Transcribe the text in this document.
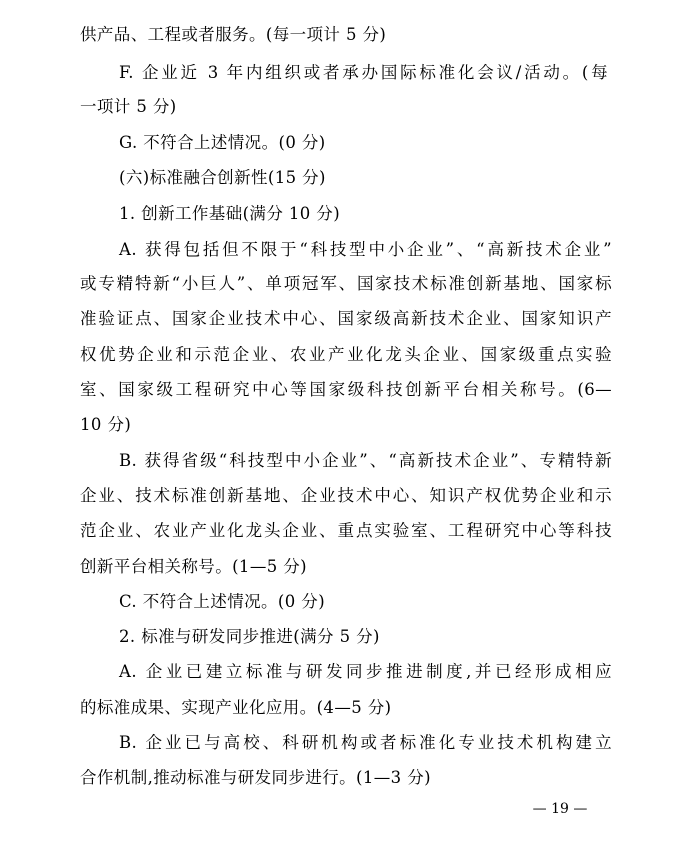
供产品、工程或者服务。(每一项计 5 分)
F. 企业近 3 年内组织或者承办国际标准化会议/活动。(每
一项计 5 分)
G. 不符合上述情况。(0 分)
(六)标准融合创新性(15 分)
1. 创新工作基础(满分 10 分)
A. 获得包括但不限于“科技型中小企业”、“高新技术企业”
或专精特新“小巨人”、单项冠军、国家技术标准创新基地、国家标
准验证点、国家企业技术中心、国家级高新技术企业、国家知识产
权优势企业和示范企业、农业产业化龙头企业、国家级重点实验
室、国家级工程研究中心等国家级科技创新平台相关称号。(6—
10 分)
B. 获得省级“科技型中小企业”、“高新技术企业”、专精特新
企业、技术标准创新基地、企业技术中心、知识产权优势企业和示
范企业、农业产业化龙头企业、重点实验室、工程研究中心等科技
创新平台相关称号。(1—5 分)
C. 不符合上述情况。(0 分)
2. 标准与研发同步推进(满分 5 分)
A. 企业已建立标准与研发同步推进制度,并已经形成相应
的标准成果、实现产业化应用。(4—5 分)
B. 企业已与高校、科研机构或者标准化专业技术机构建立
合作机制,推动标准与研发同步进行。(1—3 分)
— 19 —
